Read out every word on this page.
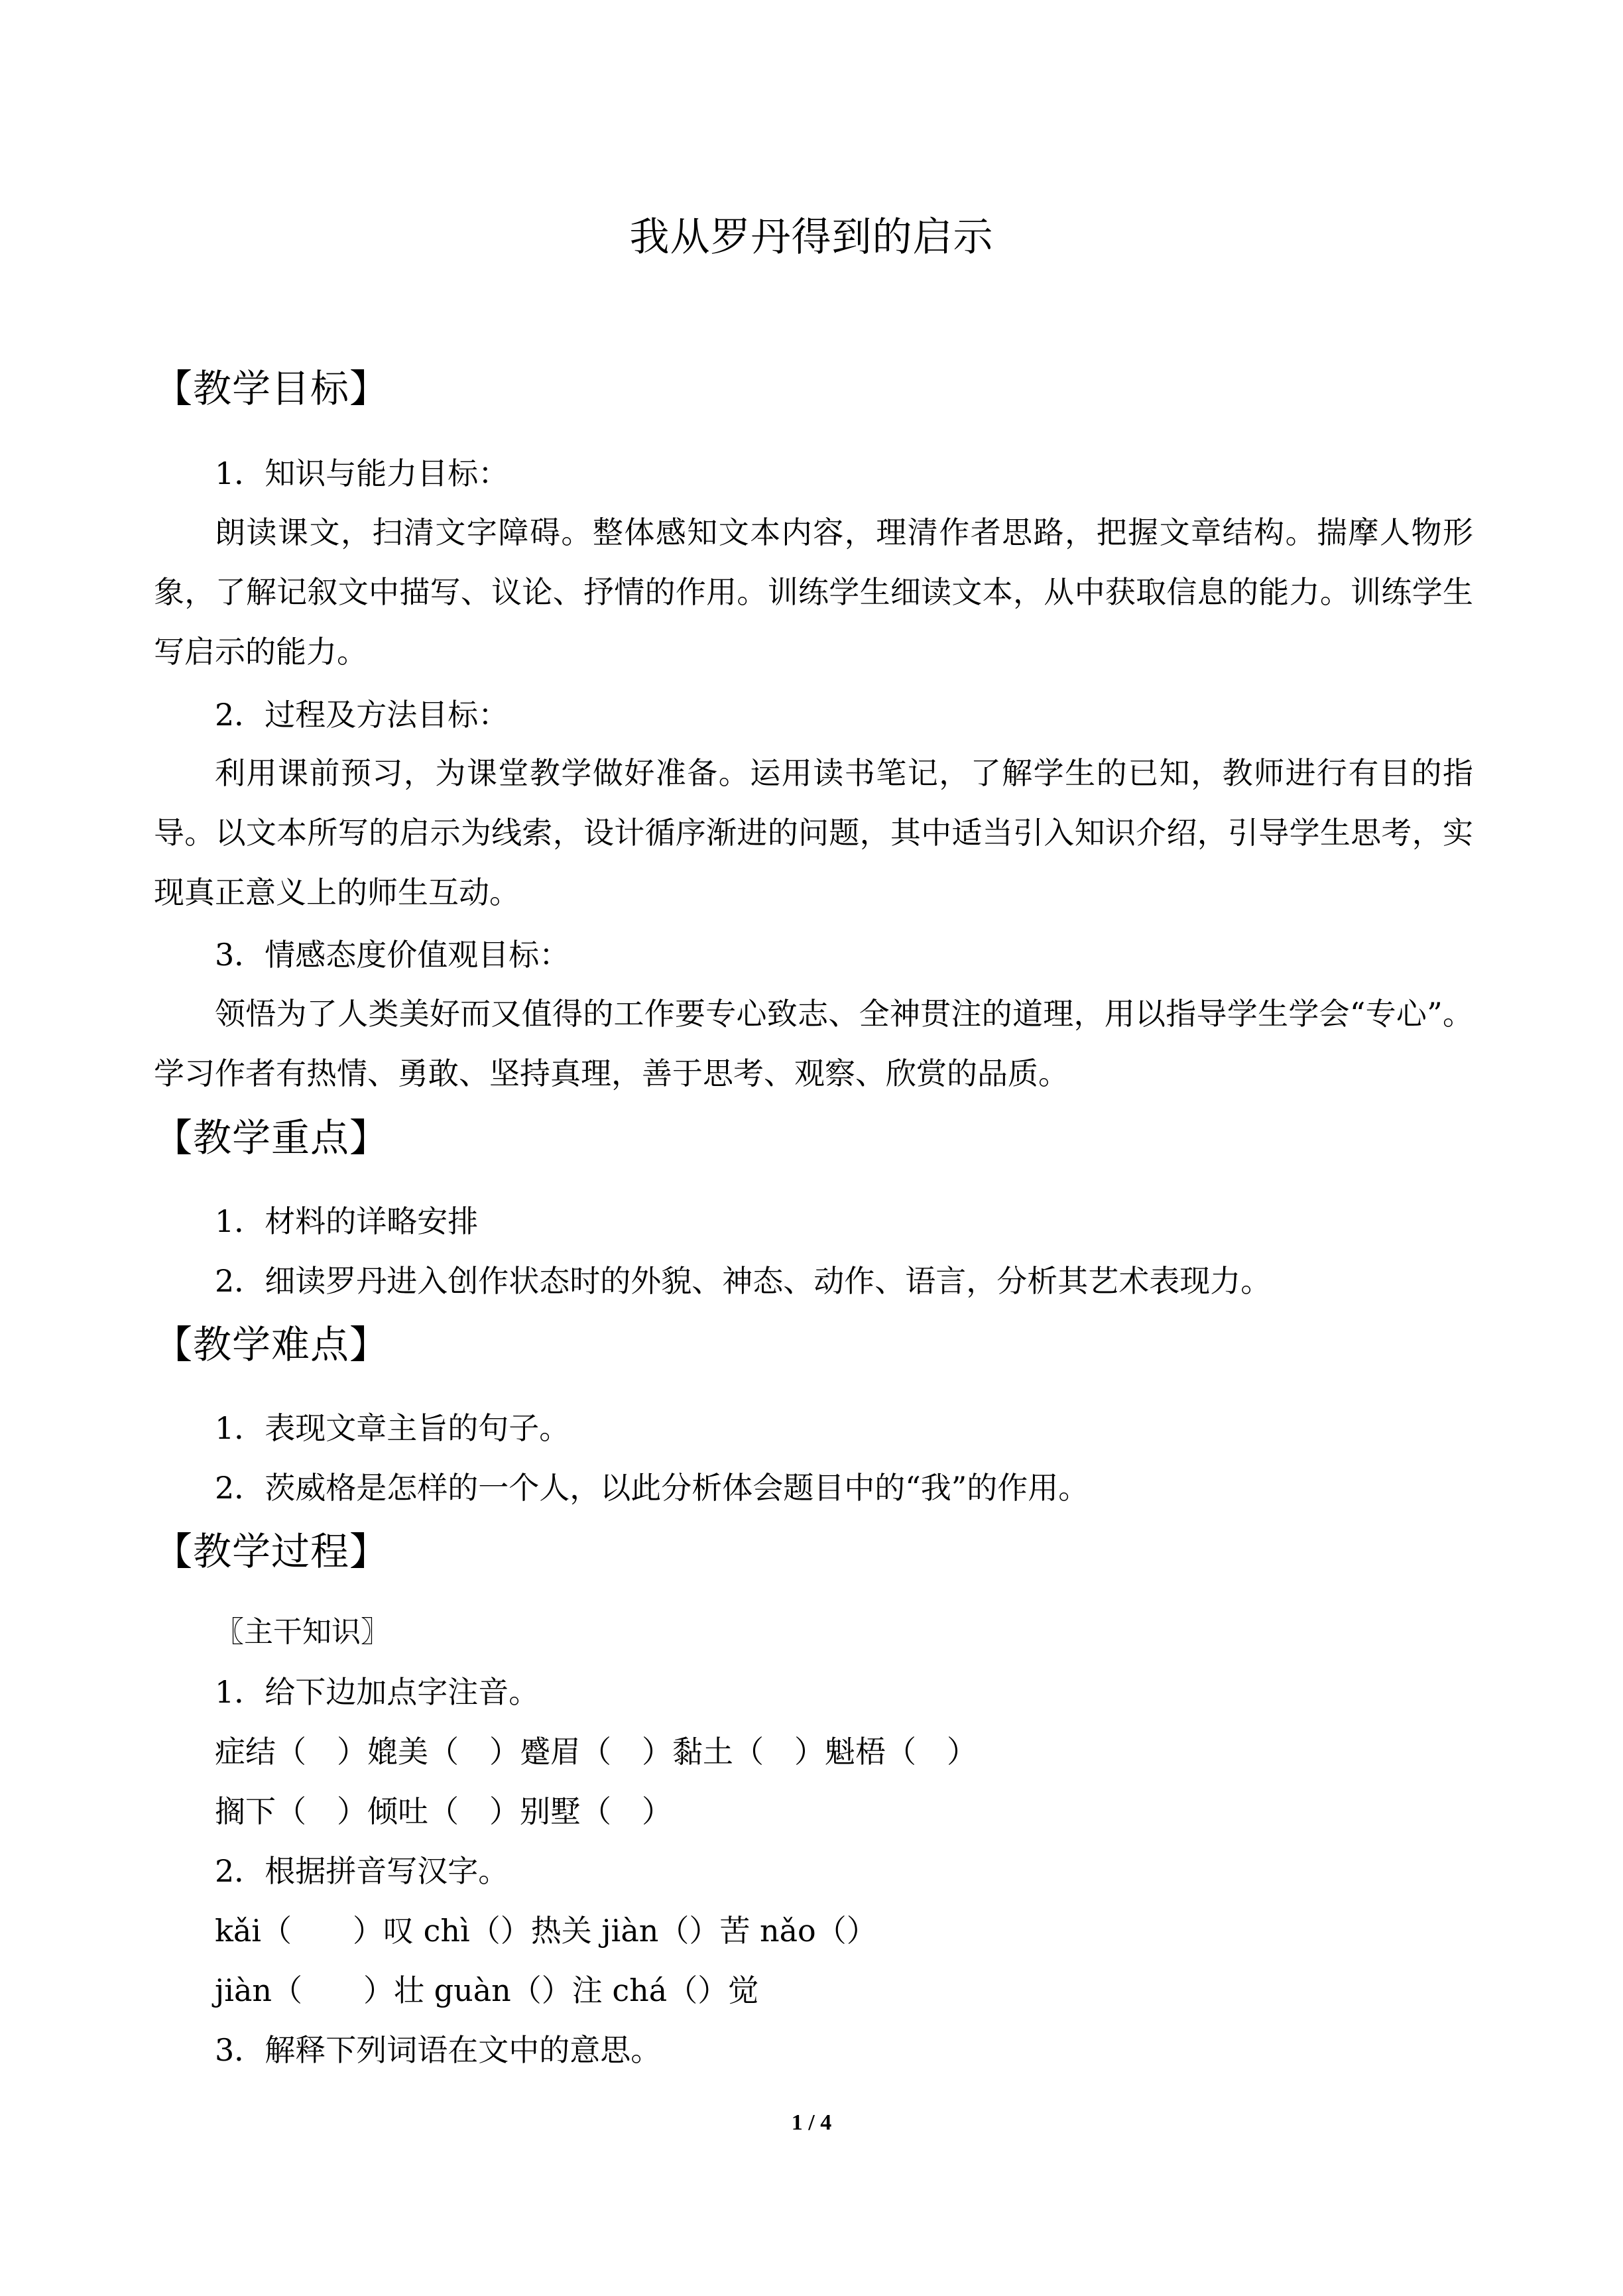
我从罗丹得到的启示
【教学目标】
1．知识与能力目标：

朗读课文，扫清文字障碍。整体感知文本内容，理清作者思路，把握文章结构。揣摩人物形象，了解记叙文中描写、议论、抒情的作用。训练学生细读文本，从中获取信息的能力。训练学生写启示的能力。

2．过程及方法目标：

利用课前预习，为课堂教学做好准备。运用读书笔记，了解学生的已知，教师进行有目的指导。以文本所写的启示为线索，设计循序渐进的问题，其中适当引入知识介绍，引导学生思考，实现真正意义上的师生互动。

3．情感态度价值观目标：

领悟为了人类美好而又值得的工作要专心致志、全神贯注的道理，用以指导学生学会“专心”。学习作者有热情、勇敢、坚持真理，善于思考、观察、欣赏的品质。

【教学重点】
1．材料的详略安排
2．细读罗丹进入创作状态时的外貌、神态、动作、语言，分析其艺术表现力。
【教学难点】
1．表现文章主旨的句子。
2．茨威格是怎样的一个人，以此分析体会题目中的“我”的作用。
【教学过程】
〖主干知识〗
1．给下边加点字注音。
症结（　）媲美（　）蹙眉（　）黏土（　）魁梧（　）
搁下（　）倾吐（　）别墅（　）
2．根据拼音写汉字。
kǎi（　　）叹 chì（）热关 jiàn（）苦 nǎo（）
jiàn（　　）壮 guàn（）注 chá（）觉
3．解释下列词语在文中的意思。
1 / 4
